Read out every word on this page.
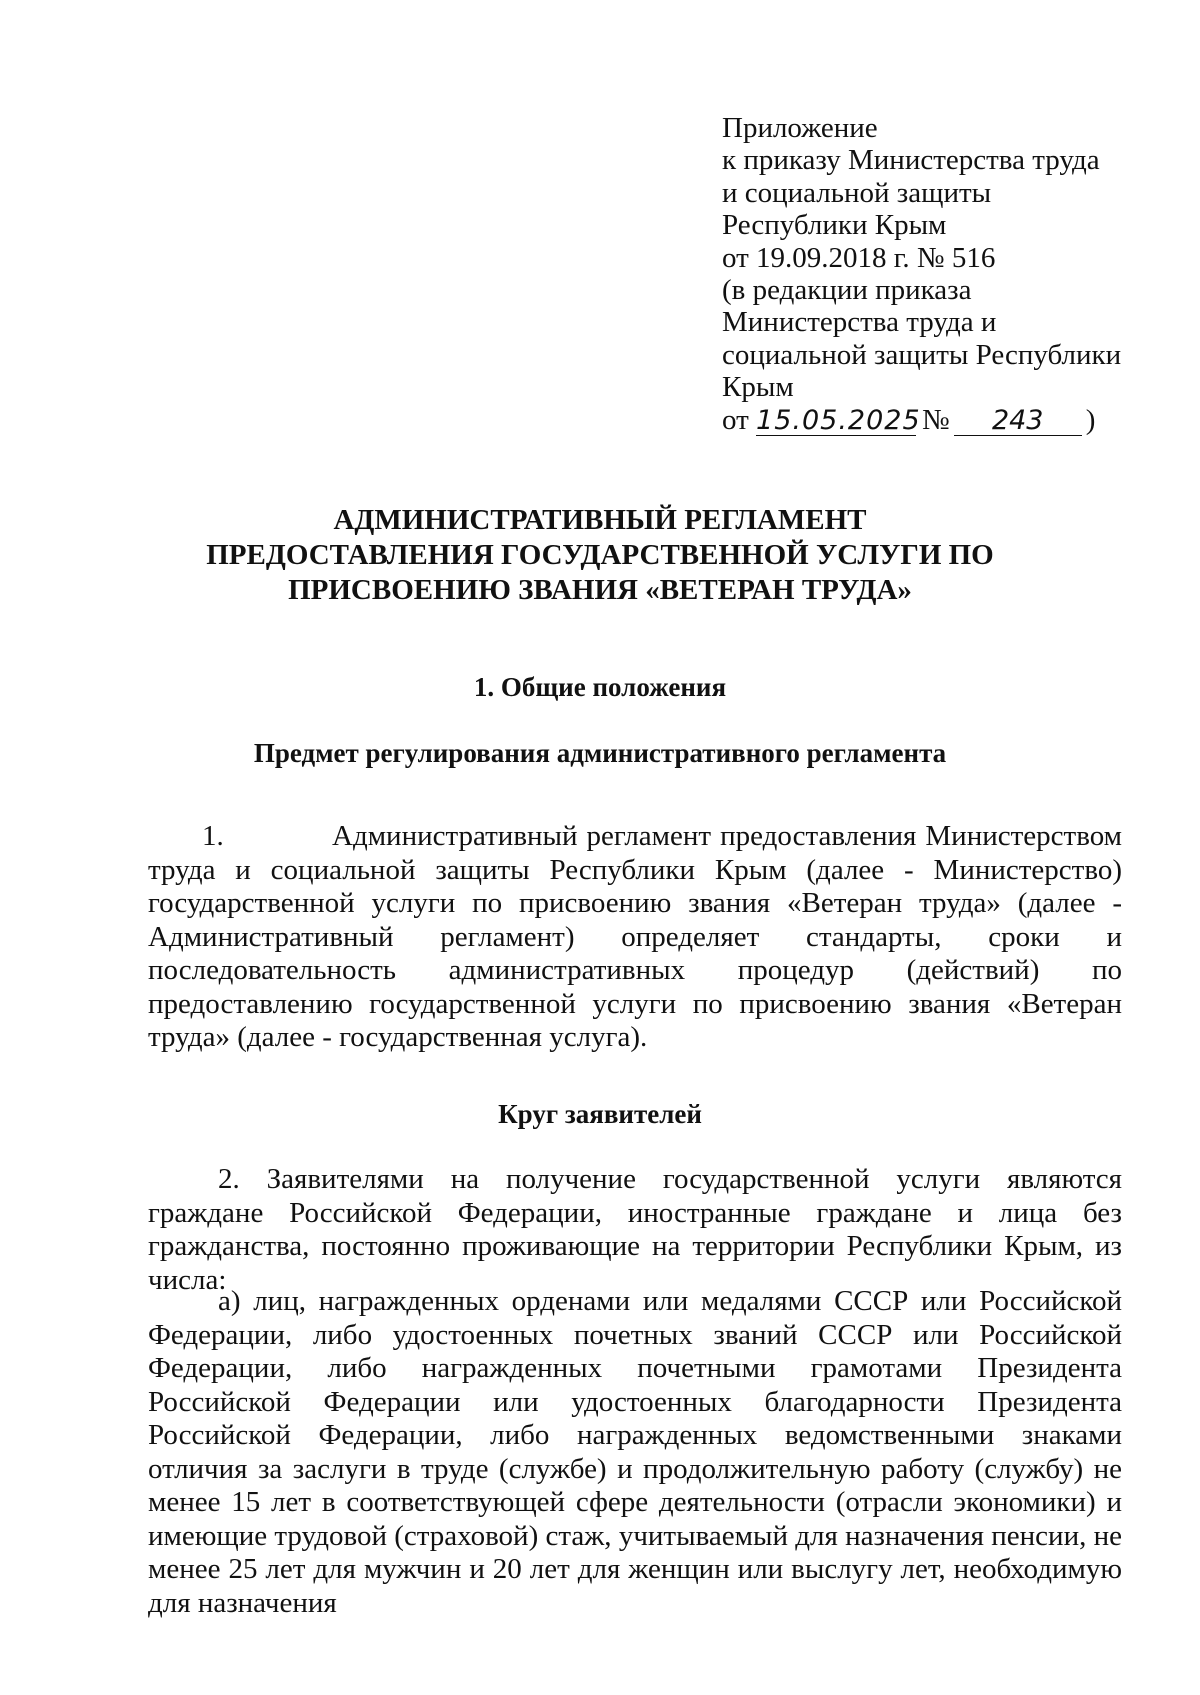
Приложение
к приказу Министерства труда
и социальной защиты
Республики Крым
от 19.09.2018 г. № 516
(в редакции приказа
Министерства труда и
социальной защиты Республики
Крым
от 15.05.2025№ 243 )
АДМИНИСТРАТИВНЫЙ РЕГЛАМЕНТ
ПРЕДОСТАВЛЕНИЯ ГОСУДАРСТВЕННОЙ УСЛУГИ ПО
ПРИСВОЕНИЮ ЗВАНИЯ «ВЕТЕРАН ТРУДА»
1. Общие положения
Предмет регулирования административного регламента
1.	Административный регламент предоставления Министерством труда и социальной защиты Республики Крым (далее - Министерство) государственной услуги по присвоению звания «Ветеран труда» (далее - Административный регламент) определяет стандарты, сроки и последовательность административных процедур (действий) по предоставлению государственной услуги по присвоению звания «Ветеран труда» (далее - государственная услуга).
Круг заявителей
2. Заявителями на получение государственной услуги являются граждане Российской Федерации, иностранные граждане и лица без гражданства, постоянно проживающие на территории Республики Крым, из числа:
а) лиц, награжденных орденами или медалями СССР или Российской Федерации, либо удостоенных почетных званий СССР или Российской Федерации, либо награжденных почетными грамотами Президента Российской Федерации или удостоенных благодарности Президента Российской Федерации, либо награжденных ведомственными знаками отличия за заслуги в труде (службе) и продолжительную работу (службу) не менее 15 лет в соответствующей сфере деятельности (отрасли экономики) и имеющие трудовой (страховой) стаж, учитываемый для назначения пенсии, не менее 25 лет для мужчин и 20 лет для женщин или выслугу лет, необходимую для назначения
